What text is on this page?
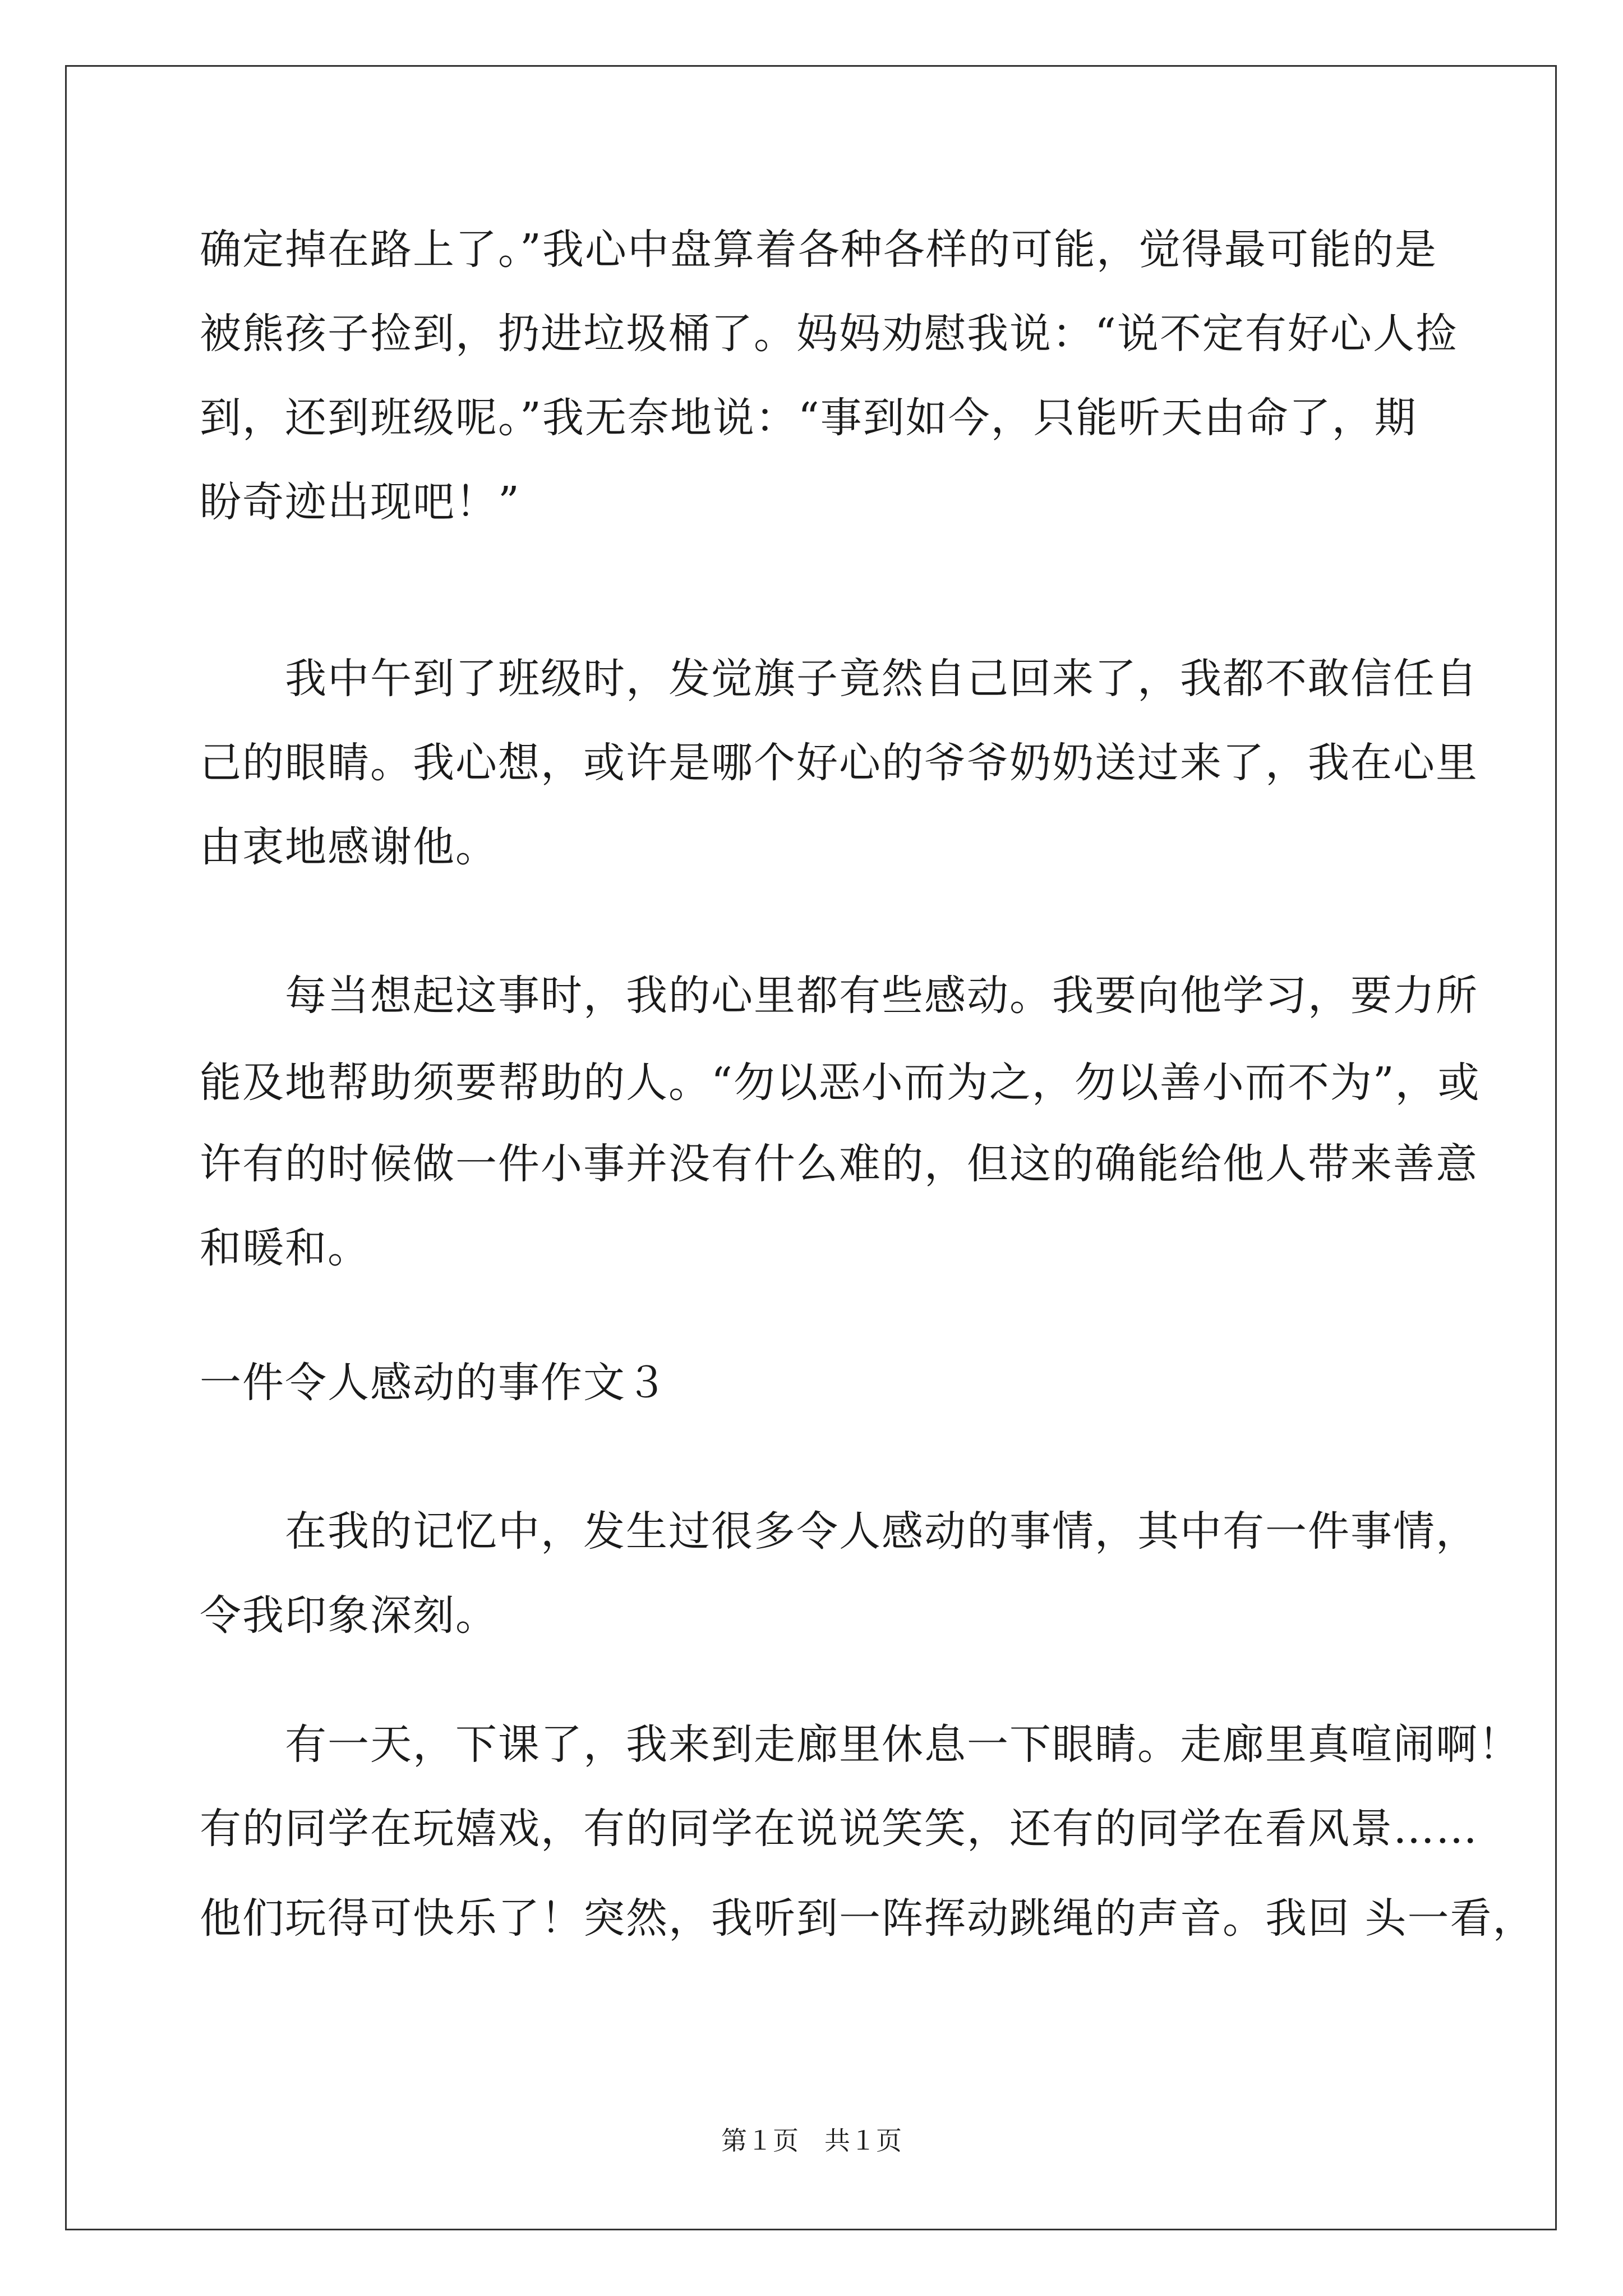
确定掉在路上了。”我心中盘算着各种各样的可能，觉得最可能的是
被熊孩子捡到，扔进垃圾桶了。妈妈劝慰我说：“说不定有好心人捡
到，还到班级呢。”我无奈地说：“事到如今，只能听天由命了，期
盼奇迹出现吧！”
　　我中午到了班级时，发觉旗子竟然自己回来了，我都不敢信任自
己的眼睛。我心想，或许是哪个好心的爷爷奶奶送过来了，我在心里
由衷地感谢他。
　　每当想起这事时，我的心里都有些感动。我要向他学习，要力所
能及地帮助须要帮助的人。“勿以恶小而为之，勿以善小而不为”，或
许有的时候做一件小事并没有什么难的，但这的确能给他人带来善意
和暖和。
一件令人感动的事作文３
　　在我的记忆中，发生过很多令人感动的事情，其中有一件事情，
令我印象深刻。
　　有一天，下课了，我来到走廊里休息一下眼睛。走廊里真喧闹啊！
有的同学在玩嬉戏，有的同学在说说笑笑，还有的同学在看风景……
他们玩得可快乐了！突然，我听到一阵挥动跳绳的声音。我回 头一看，
第１页　共１页
